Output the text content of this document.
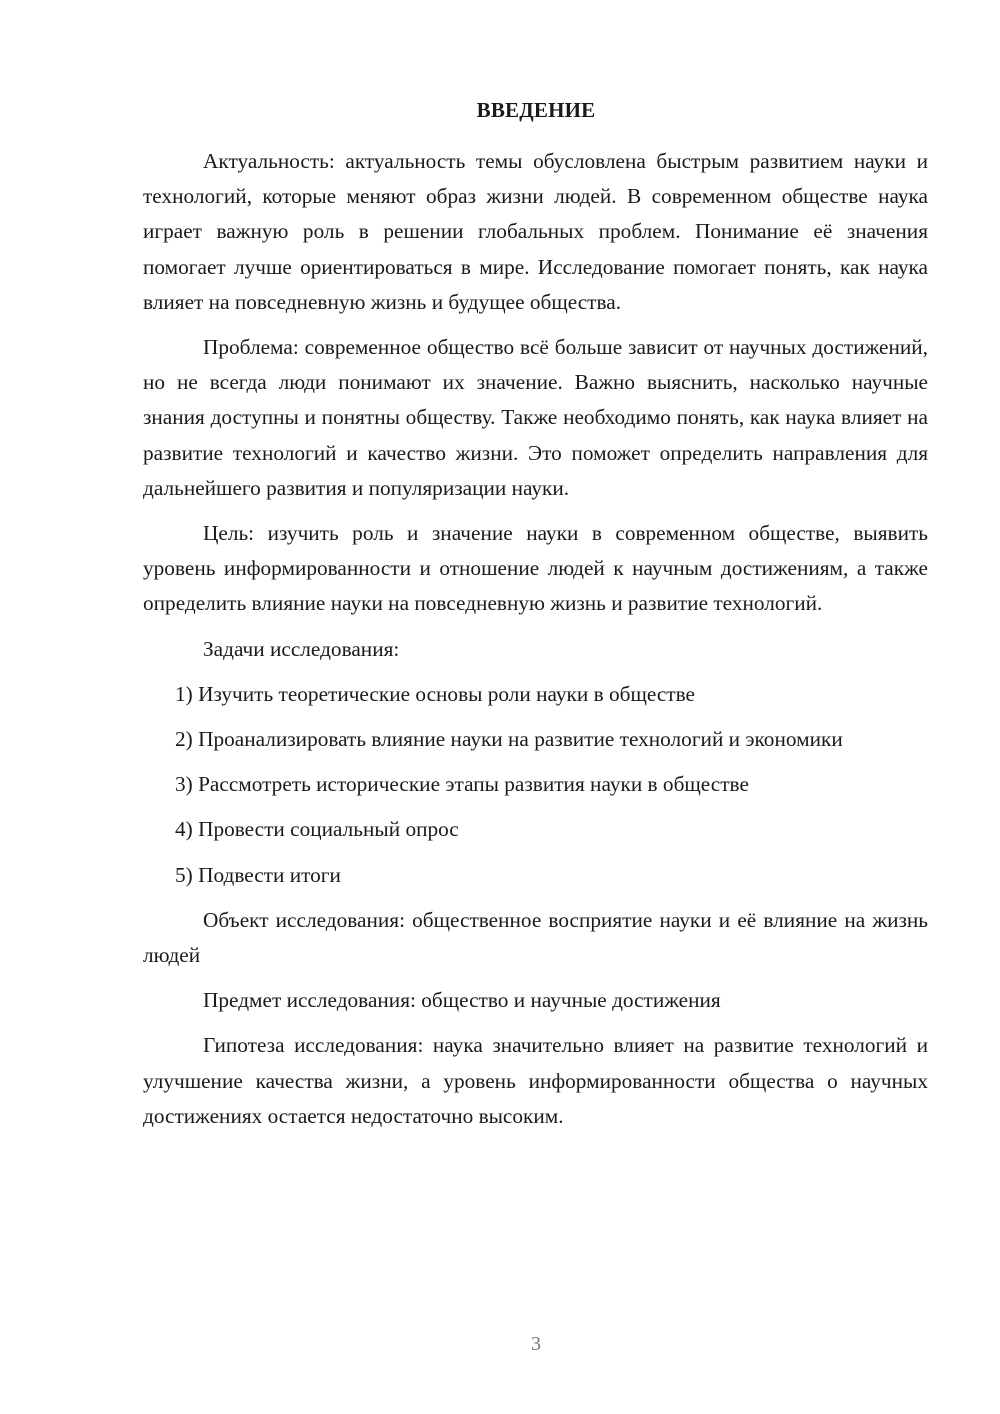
ВВЕДЕНИЕ

Актуальность: актуальность темы обусловлена быстрым развитием науки и технологий, которые меняют образ жизни людей. В современном обществе наука играет важную роль в решении глобальных проблем. Понимание её значения помогает лучше ориентироваться в мире. Исследование помогает понять, как наука влияет на повседневную жизнь и будущее общества.

Проблема: современное общество всё больше зависит от научных достижений, но не всегда люди понимают их значение. Важно выяснить, насколько научные знания доступны и понятны обществу. Также необходимо понять, как наука влияет на развитие технологий и качество жизни. Это поможет определить направления для дальнейшего развития и популяризации науки.

Цель: изучить роль и значение науки в современном обществе, выявить уровень информированности и отношение людей к научным достижениям, а также определить влияние науки на повседневную жизнь и развитие технологий.

Задачи исследования:

1) Изучить теоретические основы роли науки в обществе

2) Проанализировать влияние науки на развитие технологий и экономики

3) Рассмотреть исторические этапы развития науки в обществе

4) Провести социальный опрос

5) Подвести итоги

Объект исследования: общественное восприятие науки и её влияние на жизнь людей

Предмет исследования: общество и научные достижения

Гипотеза исследования: наука значительно влияет на развитие технологий и улучшение качества жизни, а уровень информированности общества о научных достижениях остается недостаточно высоким.

3
